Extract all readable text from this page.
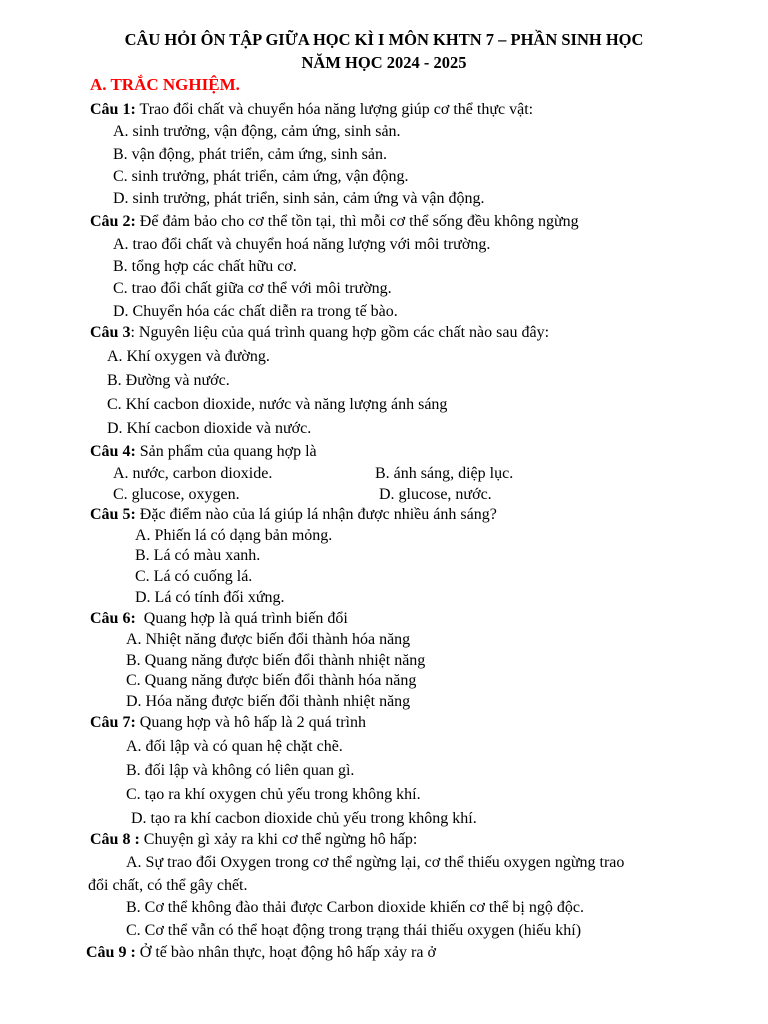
CÂU HỎI ÔN TẬP GIỮA HỌC KÌ I MÔN KHTN 7 – PHẦN SINH HỌC
NĂM HỌC 2024 - 2025
A. TRẮC NGHIỆM.
Câu 1: Trao đổi chất và chuyển hóa năng lượng giúp cơ thể thực vật:
A. sinh trưởng, vận động, cảm ứng, sinh sản.
B. vận động, phát triển, cảm ứng, sinh sản.
C. sinh trưởng, phát triển, cảm ứng, vận động.
D. sinh trưởng, phát triển, sinh sản, cảm ứng và vận động.
Câu 2: Để đảm bảo cho cơ thể tồn tại, thì mỗi cơ thể sống đều không ngừng
A. trao đổi chất và chuyển hoá năng lượng với môi trường.
B. tổng hợp các chất hữu cơ.
C. trao đổi chất giữa cơ thể với môi trường.
D. Chuyển hóa các chất diễn ra trong tế bào.
Câu 3: Nguyên liệu của quá trình quang hợp gồm các chất nào sau đây:
A. Khí oxygen và đường.
B. Đường và nước.
C. Khí cacbon dioxide, nước và năng lượng ánh sáng
D. Khí cacbon dioxide và nước.
Câu 4: Sản phẩm của quang hợp là
A. nước, carbon dioxide.	B. ánh sáng, diệp lục.
C. glucose, oxygen.	D. glucose, nước.
Câu 5: Đặc điểm nào của lá giúp lá nhận được nhiều ánh sáng?
A. Phiến lá có dạng bản mỏng.
B. Lá có màu xanh.
C. Lá có cuống lá.
D. Lá có tính đối xứng.
Câu 6:  Quang hợp là quá trình biến đổi
A. Nhiệt năng được biến đổi thành hóa năng
B. Quang năng được biến đổi thành nhiệt năng
C. Quang năng được biến đổi thành hóa năng
D. Hóa năng được biến đổi thành nhiệt năng
Câu 7: Quang hợp và hô hấp là 2 quá trình
A. đối lập và có quan hệ chặt chẽ.
B. đối lập và không có liên quan gì.
C. tạo ra khí oxygen chủ yếu trong không khí.
D. tạo ra khí cacbon dioxide chủ yếu trong không khí.
Câu 8 : Chuyện gì xảy ra khi cơ thể ngừng hô hấp:
A. Sự trao đổi Oxygen trong cơ thể ngừng lại, cơ thể thiếu oxygen ngừng trao
đổi chất, có thể gây chết.
B. Cơ thể không đào thải được Carbon dioxide khiến cơ thể bị ngộ độc.
C. Cơ thể vẫn có thể hoạt động trong trạng thái thiếu oxygen (hiếu khí)
Câu 9 : Ở tế bào nhân thực, hoạt động hô hấp xảy ra ở
